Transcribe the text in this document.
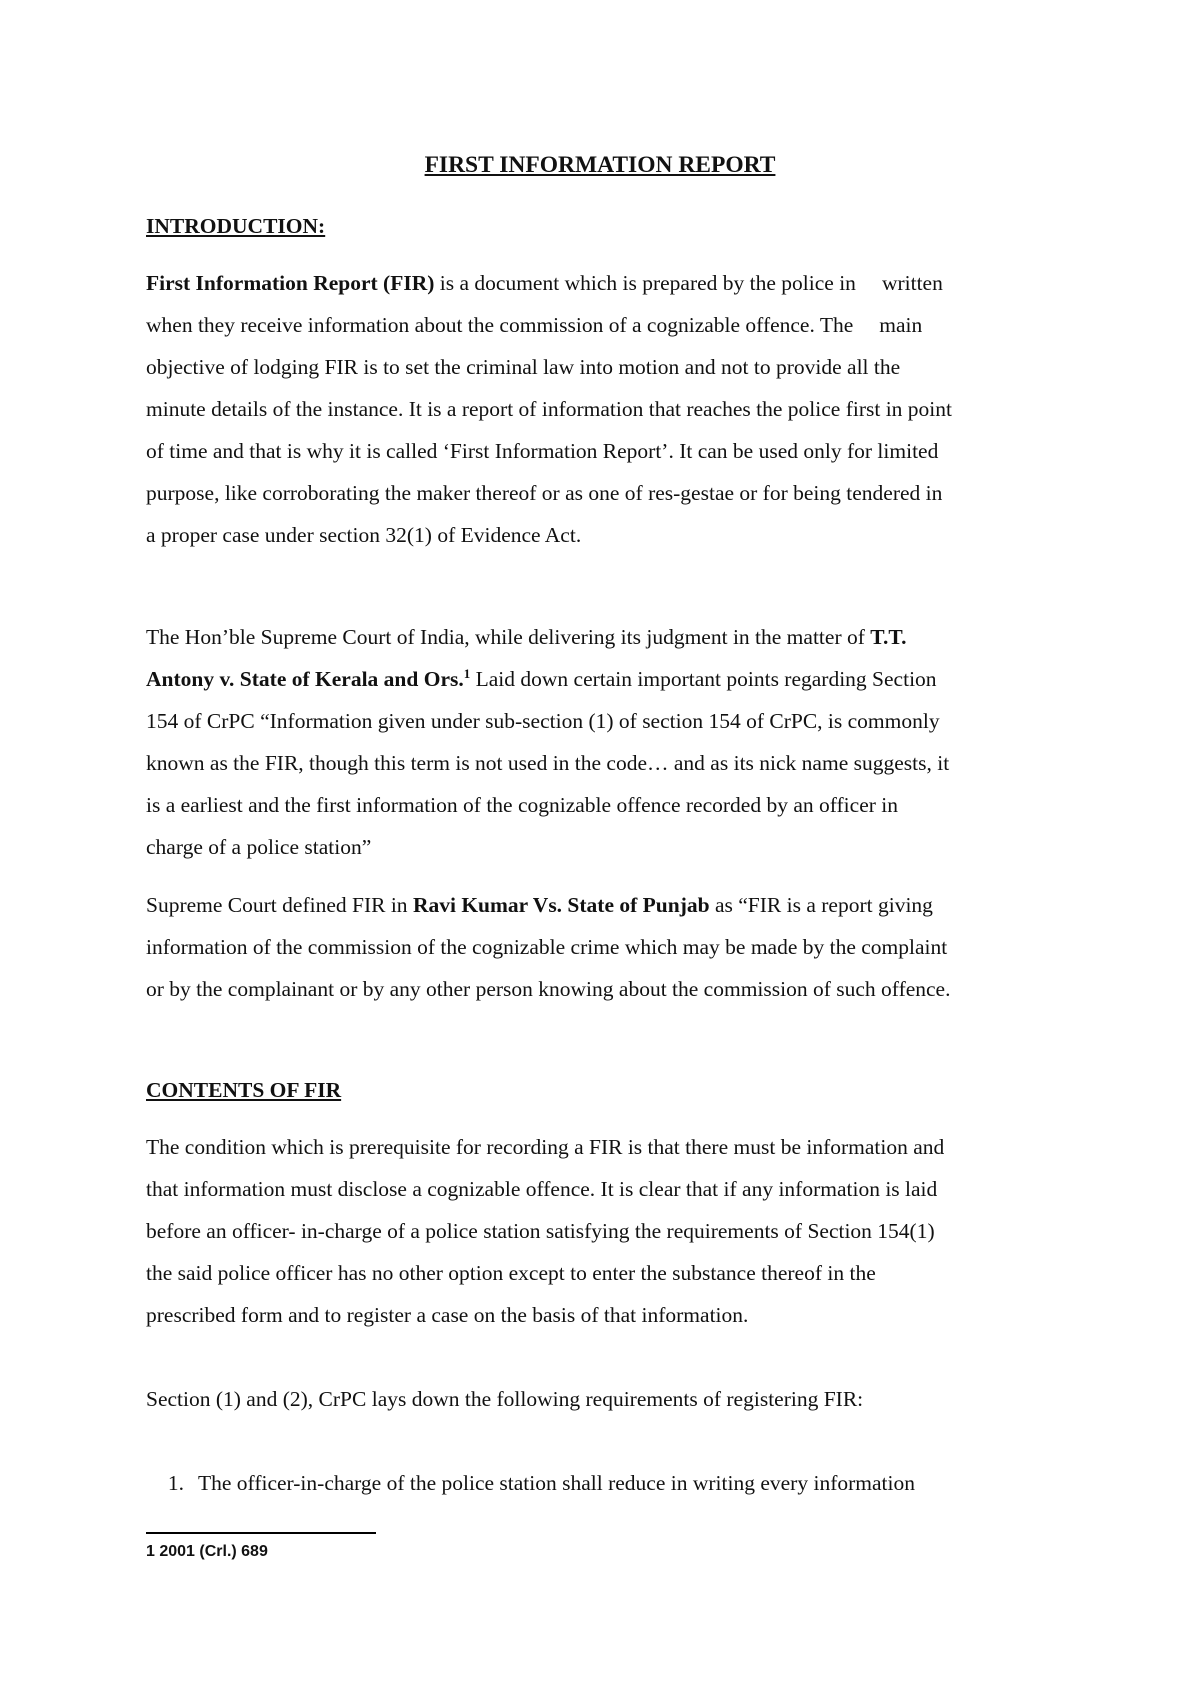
FIRST INFORMATION REPORT
INTRODUCTION:
First Information Report (FIR) is a document which is prepared by the police in written
when they receive information about the commission of a cognizable offence. The main
objective of lodging FIR is to set the criminal law into motion and not to provide all the
minute details of the instance. It is a report of information that reaches the police first in point
of time and that is why it is called ‘First Information Report’. It can be used only for limited
purpose, like corroborating the maker thereof or as one of res-gestae or for being tendered in
a proper case under section 32(1) of Evidence Act.
The Hon’ble Supreme Court of India, while delivering its judgment in the matter of T.T.
Antony v. State of Kerala and Ors.$^1$ Laid down certain important points regarding Section
154 of CrPC “Information given under sub-section (1) of section 154 of CrPC, is commonly
known as the FIR, though this term is not used in the code… and as its nick name suggests, it
is a earliest and the first information of the cognizable offence recorded by an officer in
charge of a police station”
Supreme Court defined FIR in Ravi Kumar Vs. State of Punjab as “FIR is a report giving
information of the commission of the cognizable crime which may be made by the complaint
or by the complainant or by any other person knowing about the commission of such offence.
CONTENTS OF FIR
The condition which is prerequisite for recording a FIR is that there must be information and
that information must disclose a cognizable offence. It is clear that if any information is laid
before an officer- in-charge of a police station satisfying the requirements of Section 154(1)
the said police officer has no other option except to enter the substance thereof in the
prescribed form and to register a case on the basis of that information.
Section (1) and (2), CrPC lays down the following requirements of registering FIR:
1. The officer-in-charge of the police station shall reduce in writing every information
1 2001 (Crl.) 689
